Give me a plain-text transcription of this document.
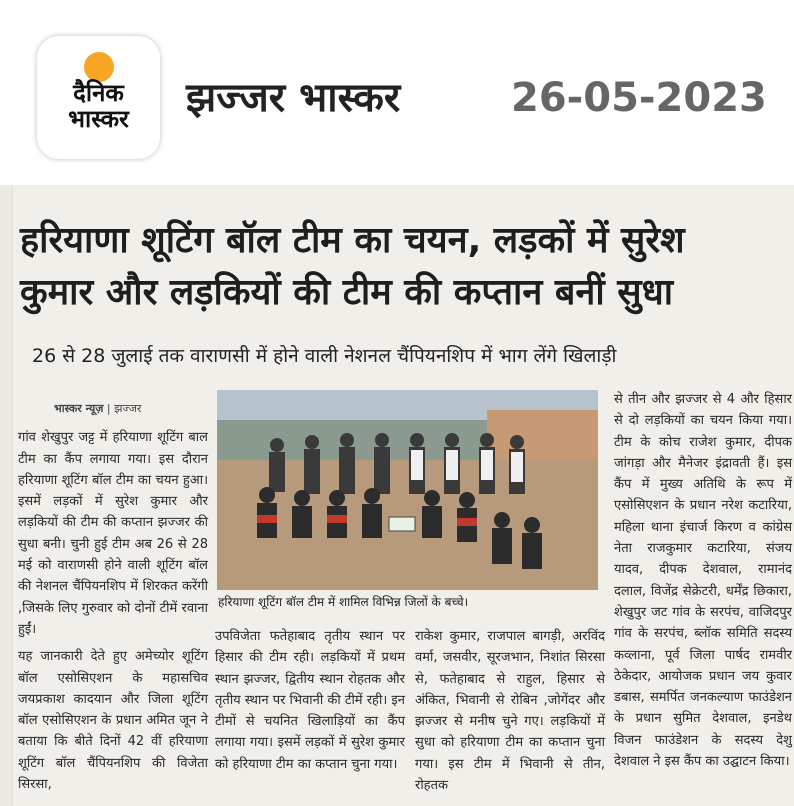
दैनिक
भास्कर	झज्जर भास्कर	26-05-2023
हरियाणा शूटिंग बॉल टीम का चयन, लड़कों में सुरेश
कुमार और लड़कियों की टीम की कप्तान बनीं सुधा
26 से 28 जुलाई तक वाराणसी में होने वाली नेशनल चैंपियनशिप में भाग लेंगे खिलाड़ी
भास्कर न्यूज़ | झज्जर

गांव शेखुपुर जट्ट में हरियाणा शूटिंग बाल टीम का कैंप लगाया गया। इस दौरान हरियाणा शूटिंग बॉल टीम का चयन हुआ। इसमें लड़कों में सुरेश कुमार और लड़कियों की टीम की कप्तान झज्जर की सुधा बनी। चुनी हुई टीम अब 26 से 28 मई को वाराणसी होने वाली शूटिंग बॉल की नेशनल चैंपियनशिप में शिरकत करेंगी ,जिसके लिए गुरुवार को दोनों टीमें रवाना हुईं।

यह जानकारी देते हुए अमेच्योर शूटिंग बॉल एसोसिएशन के महासचिव जयप्रकाश कादयान और जिला शूटिंग बॉल एसोसिएशन के प्रधान अमित जून ने बताया कि बीते दिनों 42 वीं हरियाणा शूटिंग बॉल चैंपियनशिप की विजेता सिरसा,

हरियाणा शूटिंग बॉल टीम में शामिल विभिन्न जिलों के बच्चे।

उपविजेता फतेहाबाद तृतीय स्थान पर हिसार की टीम रही। लड़कियों में प्रथम स्थान झज्जर, द्वितीय स्थान रोहतक और तृतीय स्थान पर भिवानी की टीमें रही। इन टीमों से चयनित खिलाड़ियों का कैंप लगाया गया। इसमें लड़कों में सुरेश कुमार को हरियाणा टीम का कप्तान चुना गया।

राकेश कुमार, राजपाल बागड़ी, अरविंद वर्मा, जसवीर, सूरजभान, निशांत सिरसा से, फतेहाबाद से राहुल, हिसार से अंकित, भिवानी से रोबिन ,जोगेंदर और झज्जर से मनीष चुने गए। लड़कियों में सुधा को हरियाणा टीम का कप्तान चुना गया। इस टीम में भिवानी से तीन, रोहतक

से तीन और झज्जर से 4 और हिसार से दो लड़कियों का चयन किया गया। टीम के कोच राजेश कुमार, दीपक जांगड़ा और मैनेजर इंद्रावती हैं। इस कैंप में मुख्य अतिथि के रूप में एसोसिएशन के प्रधान नरेश कटारिया, महिला थाना इंचार्ज किरण व कांग्रेस नेता राजकुमार कटारिया, संजय यादव, दीपक देशवाल, रामानंद दलाल, विजेंद्र सेक्रेटरी, धर्मेंद्र छिकारा, शेखुपुर जट गांव के सरपंच, वाजिदपुर गांव के सरपंच, ब्लॉक समिति सदस्य कव्लाना, पूर्व जिला पार्षद रामवीर ठेकेदार, आयोजक प्रधान जय कुवार डबास, समर्पित जनकल्याण फाउंडेशन के प्रधान सुमित देशवाल, इनडेथ विजन फाउंडेशन के सदस्य देशु देशवाल ने इस कैंप का उद्घाटन किया।
